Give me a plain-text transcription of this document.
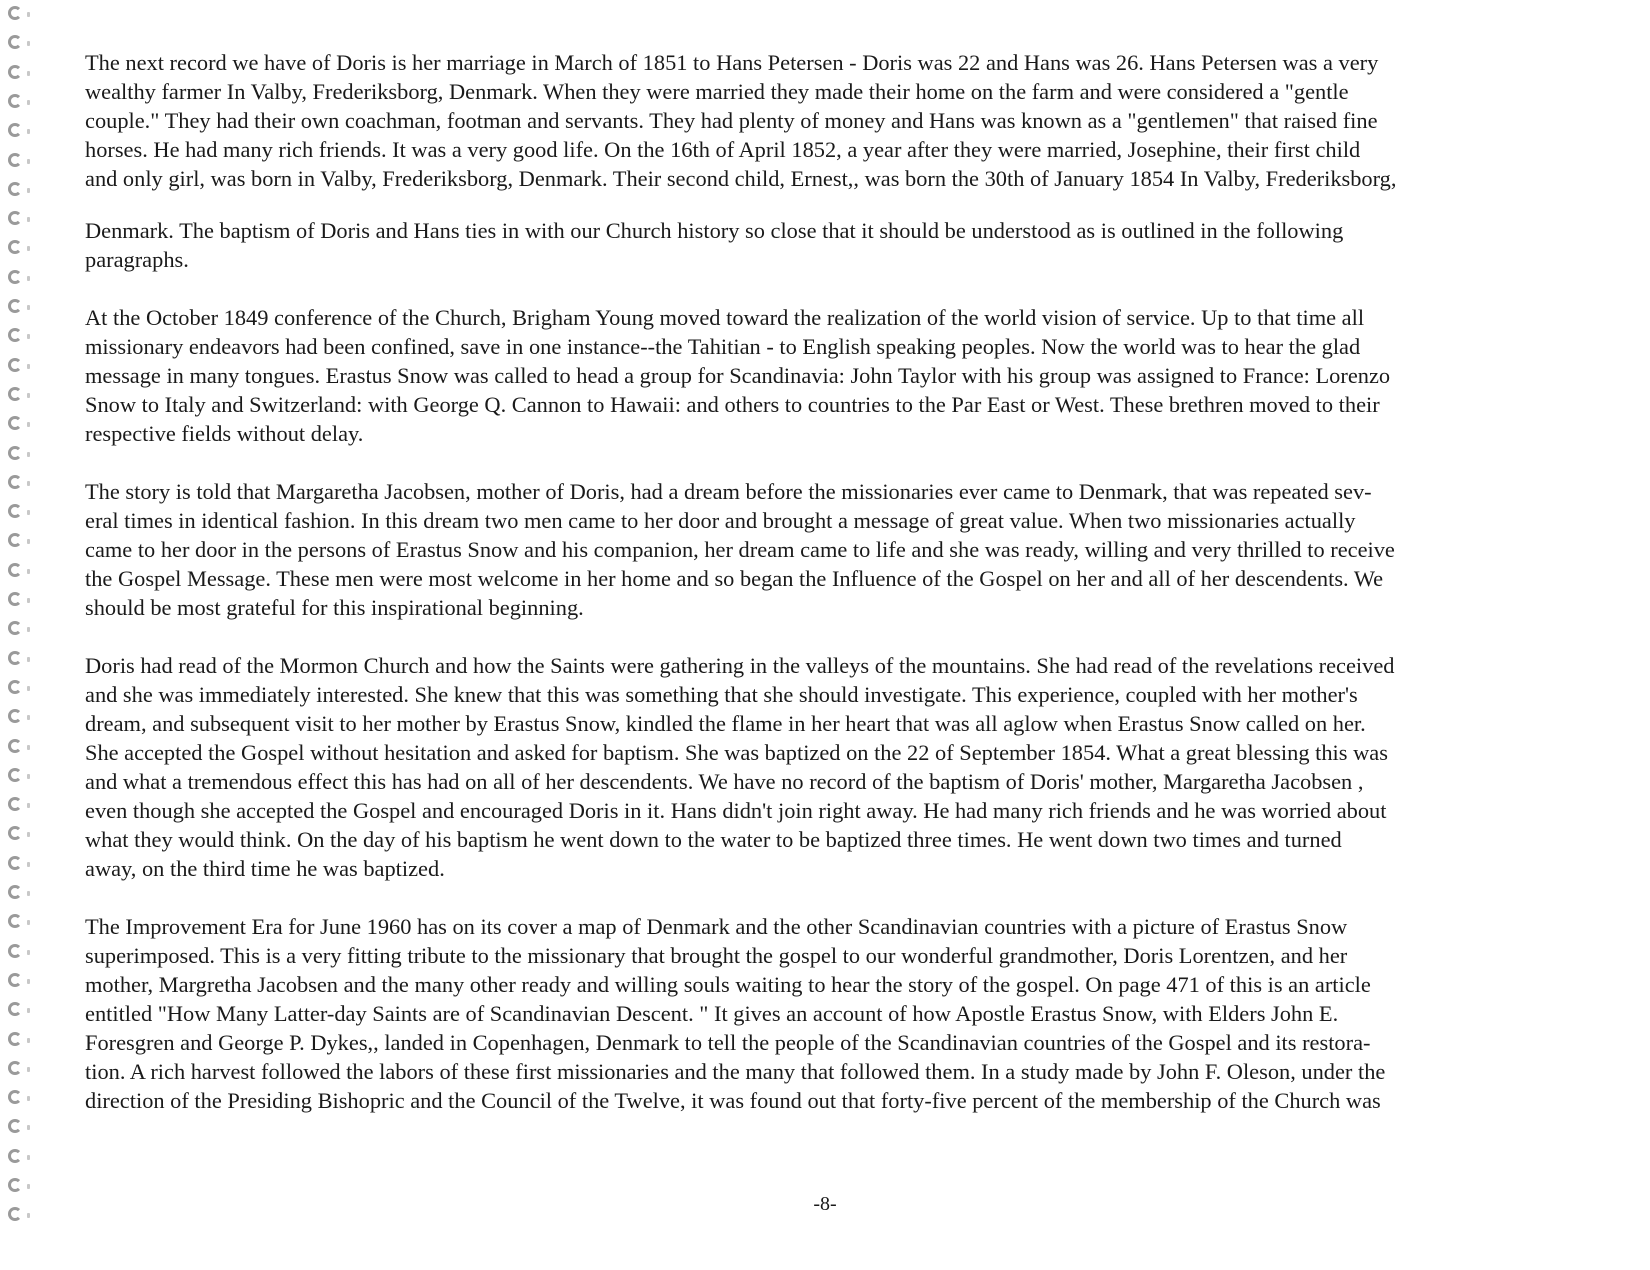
The next record we have of Doris is her marriage in March of 1851 to Hans Petersen - Doris was 22 and Hans was 26. Hans Petersen was a very
wealthy farmer In Valby, Frederiksborg, Denmark. When they were married they made their home on the farm and were considered a "gentle
couple." They had their own coachman, footman and servants. They had plenty of money and Hans was known as a "gentlemen" that raised fine
horses. He had many rich friends. It was a very good life. On the 16th of April 1852, a year after they were married, Josephine, their first child
and only girl, was born in Valby, Frederiksborg, Denmark. Their second child, Ernest,, was born the 30th of January 1854 In Valby, Frederiksborg,

Denmark. The baptism of Doris and Hans ties in with our Church history so close that it should be understood as is outlined in the following
paragraphs.

At the October 1849 conference of the Church, Brigham Young moved toward the realization of the world vision of service. Up to that time all
missionary endeavors had been confined, save in one instance--the Tahitian - to English speaking peoples. Now the world was to hear the glad
message in many tongues. Erastus Snow was called to head a group for Scandinavia: John Taylor with his group was assigned to France: Lorenzo
Snow to Italy and Switzerland: with George Q. Cannon to Hawaii: and others to countries to the Par East or West. These brethren moved to their
respective fields without delay.

The story is told that Margaretha Jacobsen, mother of Doris, had a dream before the missionaries ever came to Denmark, that was repeated sev-
eral times in identical fashion. In this dream two men came to her door and brought a message of great value. When two missionaries actually
came to her door in the persons of Erastus Snow and his companion, her dream came to life and she was ready, willing and very thrilled to receive
the Gospel Message. These men were most welcome in her home and so began the Influence of the Gospel on her and all of her descendents. We
should be most grateful for this inspirational beginning.

Doris had read of the Mormon Church and how the Saints were gathering in the valleys of the mountains. She had read of the revelations received
and she was immediately interested. She knew that this was something that she should investigate. This experience, coupled with her mother's
dream, and subsequent visit to her mother by Erastus Snow, kindled the flame in her heart that was all aglow when Erastus Snow called on her.
She accepted the Gospel without hesitation and asked for baptism. She was baptized on the 22 of September 1854. What a great blessing this was
and what a tremendous effect this has had on all of her descendents. We have no record of the baptism of Doris' mother, Margaretha Jacobsen ,
even though she accepted the Gospel and encouraged Doris in it. Hans didn't join right away. He had many rich friends and he was worried about
what they would think. On the day of his baptism he went down to the water to be baptized three times. He went down two times and turned
away, on the third time he was baptized.

The Improvement Era for June 1960 has on its cover a map of Denmark and the other Scandinavian countries with a picture of Erastus Snow
superimposed. This is a very fitting tribute to the missionary that brought the gospel to our wonderful grandmother, Doris Lorentzen, and her
mother, Margretha Jacobsen and the many other ready and willing souls waiting to hear the story of the gospel. On page 471 of this is an article
entitled "How Many Latter-day Saints are of Scandinavian Descent. " It gives an account of how Apostle Erastus Snow, with Elders John E.
Foresgren and George P. Dykes,, landed in Copenhagen, Denmark to tell the people of the Scandinavian countries of the Gospel and its restora-
tion. A rich harvest followed the labors of these first missionaries and the many that followed them. In a study made by John F. Oleson, under the
direction of the Presiding Bishopric and the Council of the Twelve, it was found out that forty-five percent of the membership of the Church was

-8-
